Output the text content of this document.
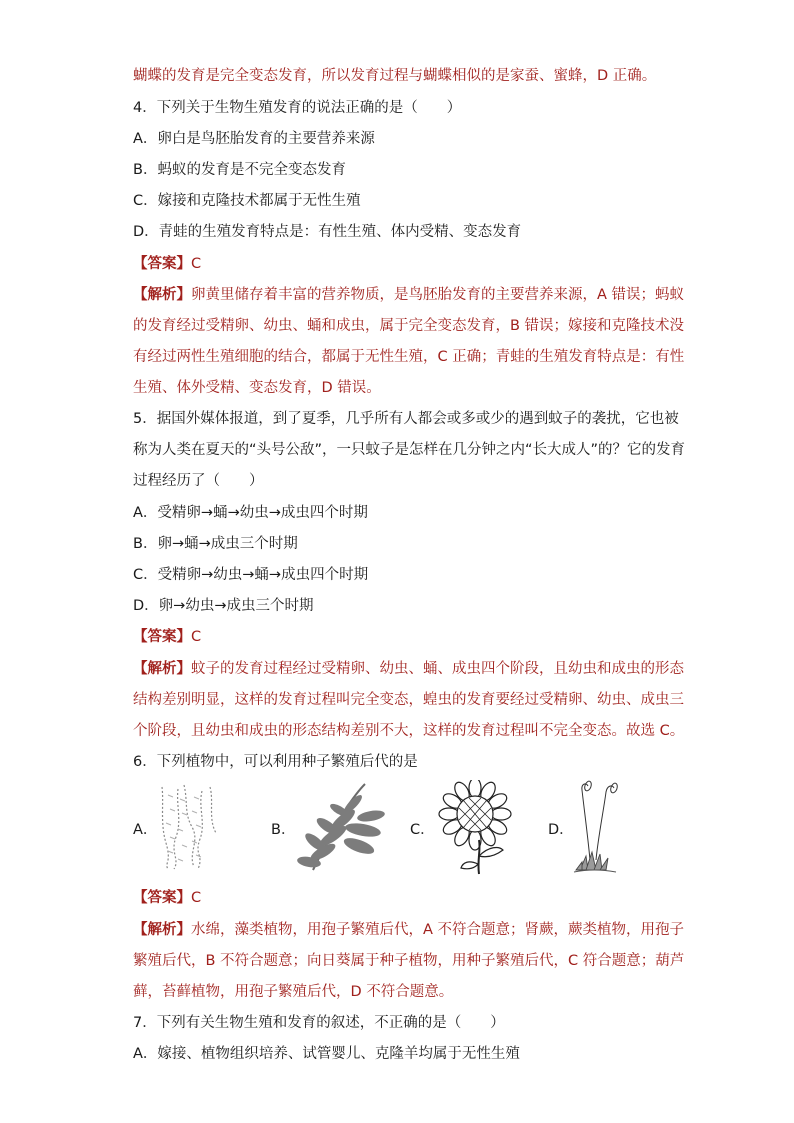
蝴蝶的发育是完全变态发育，所以发育过程与蝴蝶相似的是家蚕、蜜蜂，D 正确。
4．下列关于生物生殖发育的说法正确的是（　　）
A．卵白是鸟胚胎发育的主要营养来源
B．蚂蚁的发育是不完全变态发育
C．嫁接和克隆技术都属于无性生殖
D．青蛙的生殖发育特点是：有性生殖、体内受精、变态发育
【答案】C
【解析】卵黄里储存着丰富的营养物质，是鸟胚胎发育的主要营养来源，A 错误；蚂蚁
的发育经过受精卵、幼虫、蛹和成虫，属于完全变态发育，B 错误；嫁接和克隆技术没
有经过两性生殖细胞的结合，都属于无性生殖，C 正确；青蛙的生殖发育特点是：有性
生殖、体外受精、变态发育，D 错误。
5．据国外媒体报道，到了夏季，几乎所有人都会或多或少的遇到蚊子的袭扰，它也被
称为人类在夏天的“头号公敌”，一只蚊子是怎样在几分钟之内“长大成人”的？它的发育
过程经历了（　　）
A．受精卵→蛹→幼虫→成虫四个时期
B．卵→蛹→成虫三个时期
C．受精卵→幼虫→蛹→成虫四个时期
D．卵→幼虫→成虫三个时期
【答案】C
【解析】蚊子的发育过程经过受精卵、幼虫、蛹、成虫四个阶段，且幼虫和成虫的形态
结构差别明显，这样的发育过程叫完全变态，蝗虫的发育要经过受精卵、幼虫、成虫三
个阶段，且幼虫和成虫的形态结构差别不大，这样的发育过程叫不完全变态。故选 C。
6．下列植物中，可以利用种子繁殖后代的是
A．	B．	C．	D．
【答案】C
【解析】水绵，藻类植物，用孢子繁殖后代，A 不符合题意；肾蕨，蕨类植物，用孢子
繁殖后代，B 不符合题意；向日葵属于种子植物，用种子繁殖后代，C 符合题意；葫芦
藓，苔藓植物，用孢子繁殖后代，D 不符合题意。
7．下列有关生物生殖和发育的叙述，不正确的是（　　）
A．嫁接、植物组织培养、试管婴儿、克隆羊均属于无性生殖
